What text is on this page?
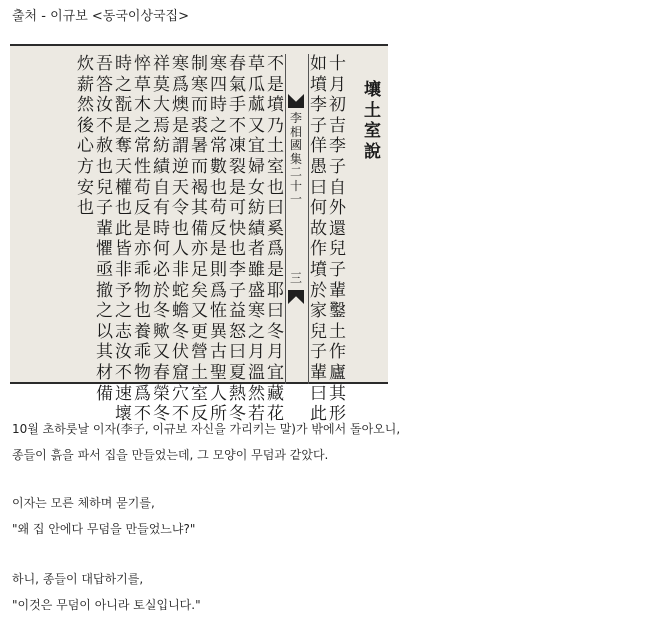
출처 - 이규보 <동국이상국집>
壤土室說
十月初吉李子自外還兒子輩鑿土作廬其形
如墳李子佯愚曰何故作墳於家兒子輩曰此
李相國集二十一
三
不是墳乃土室也曰奚爲是耶曰冬月宜藏花
草瓜蓏又宜婦女紡績者雖盛寒之月溫然若
春氣手不凍裂是可快也李子益怒曰夏熱冬
寒四時之常數也苟反是則爲恠異古聖人所
制寒而裘暑而褐其備亦足矣又更營土室反
寒爲燠是謂逆天令也人非蛇蟾冬伏窟穴不
祥莫大焉紡績自有時何必於冬歟又春榮冬
悴草木之常性苟反是亦乖物也養乖物爲不
時之翫是奪天權也此皆非予之志汝不速壞
吾答汝不赦也兒子輩懼亟撤之以其材備
炊薪然後心方安也
10월 초하룻날 이자(李子, 이규보 자신을 가리키는 말)가 밖에서 돌아오니,
종들이 흙을 파서 집을 만들었는데, 그 모양이 무덤과 같았다.
이자는 모른 체하며 묻기를,
"왜 집 안에다 무덤을 만들었느냐?"
하니, 종들이 대답하기를,
"이것은 무덤이 아니라 토실입니다."
